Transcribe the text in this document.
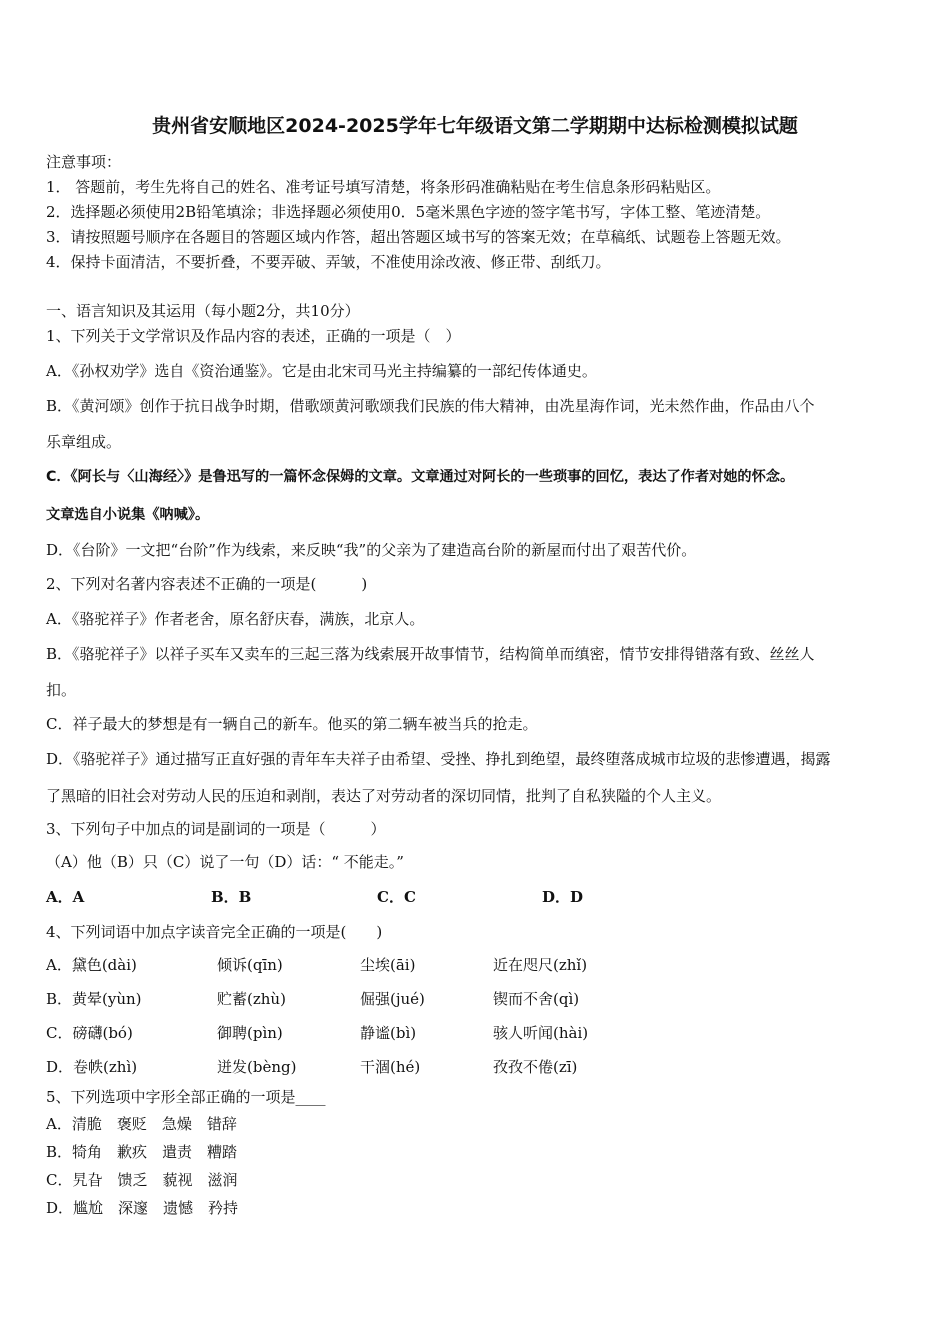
贵州省安顺地区2024-2025学年七年级语文第二学期期中达标检测模拟试题
注意事项：
1． 答题前，考生先将自己的姓名、准考证号填写清楚，将条形码准确粘贴在考生信息条形码粘贴区。
2．选择题必须使用2B铅笔填涂；非选择题必须使用0．5毫米黑色字迹的签字笔书写，字体工整、笔迹清楚。
3．请按照题号顺序在各题目的答题区域内作答，超出答题区域书写的答案无效；在草稿纸、试题卷上答题无效。
4．保持卡面清洁，不要折叠，不要弄破、弄皱，不准使用涂改液、修正带、刮纸刀。
一、语言知识及其运用（每小题2分，共10分）
1、下列关于文学常识及作品内容的表述，正确的一项是（　）
A．《孙权劝学》选自《资治通鉴》。它是由北宋司马光主持编纂的一部纪传体通史。
B．《黄河颂》创作于抗日战争时期，借歌颂黄河歌颂我们民族的伟大精神，由冼星海作词，光未然作曲，作品由八个
乐章组成。
C．《阿长与〈山海经〉》是鲁迅写的一篇怀念保姆的文章。文章通过对阿长的一些琐事的回忆，表达了作者对她的怀念。
文章选自小说集《呐喊》。
D．《台阶》一文把“台阶”作为线索，来反映“我”的父亲为了建造高台阶的新屋而付出了艰苦代价。
2、下列对名著内容表述不正确的一项是(　　　)
A．《骆驼祥子》作者老舍，原名舒庆春，满族，北京人。
B．《骆驼祥子》以祥子买车又卖车的三起三落为线索展开故事情节，结构简单而缜密，情节安排得错落有致、丝丝人
扣。
C．祥子最大的梦想是有一辆自己的新车。他买的第二辆车被当兵的抢走。
D．《骆驼祥子》通过描写正直好强的青年车夫祥子由希望、受挫、挣扎到绝望，最终堕落成城市垃圾的悲惨遭遇，揭露
了黑暗的旧社会对劳动人民的压迫和剥削，表达了对劳动者的深切同情，批判了自私狭隘的个人主义。
3、下列句子中加点的词是副词的一项是（　　　）
（A）他（B）只（C）说了一句（D）话：“ 不能走。”
A．A	B．B	C．C	D．D
4、下列词语中加点字读音完全正确的一项是(　　)
A．黛色(dài)	倾诉(qīn)	尘埃(āi)	近在咫尺(zhǐ)
B．黄晕(yùn)	贮蓄(zhù)	倔强(jué)	锲而不舍(qì)
C．磅礴(bó)	御聘(pìn)	静谧(bì)	骇人听闻(hài)
D．卷帙(zhì)	迸发(bèng)	干涸(hé)	孜孜不倦(zī)
5、下列选项中字形全部正确的一项是____
A．清脆　褒贬　急燥　错辞
B．犄角　歉疚　遣责　糟踏
C．旯旮　馈乏　藐视　滋润
D．尴尬　深邃　遗憾　矜持
